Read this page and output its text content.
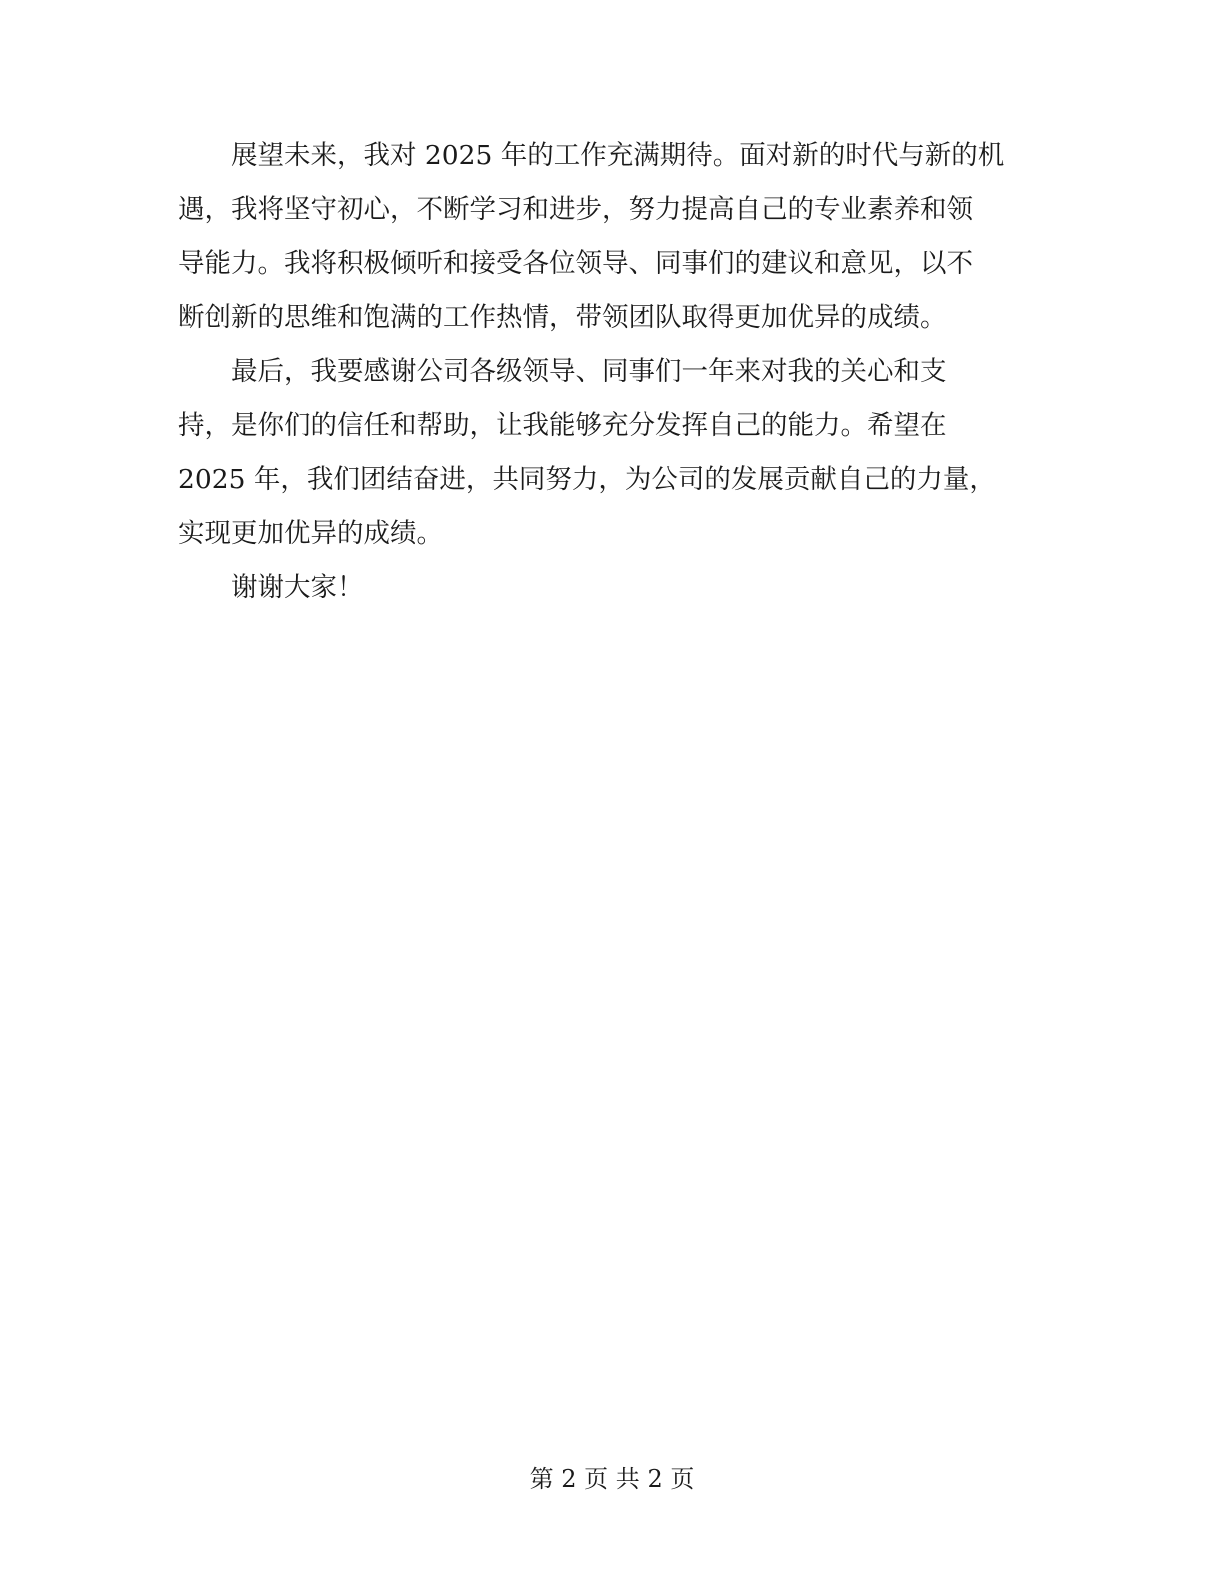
　　展望未来，我对 2025 年的工作充满期待。面对新的时代与新的机
遇，我将坚守初心，不断学习和进步，努力提高自己的专业素养和领
导能力。我将积极倾听和接受各位领导、同事们的建议和意见，以不
断创新的思维和饱满的工作热情，带领团队取得更加优异的成绩。
　　最后，我要感谢公司各级领导、同事们一年来对我的关心和支
持，是你们的信任和帮助，让我能够充分发挥自己的能力。希望在
2025 年，我们团结奋进，共同努力，为公司的发展贡献自己的力量，
实现更加优异的成绩。
　　谢谢大家！
第 2 页 共 2 页
